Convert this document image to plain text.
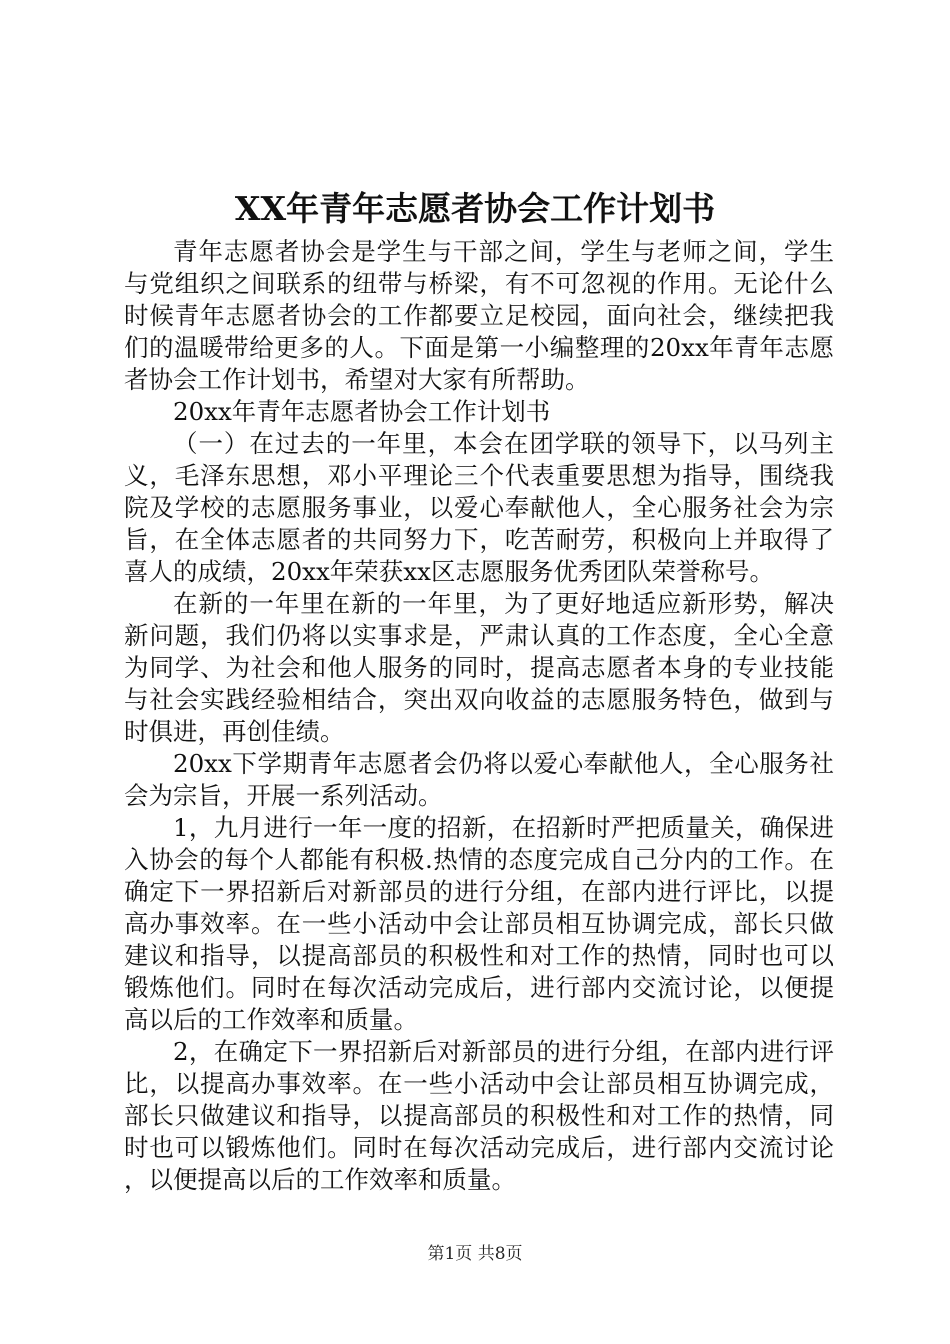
XX年青年志愿者协会工作计划书

青年志愿者协会是学生与干部之间，学生与老师之间，学生与党组织之间联系的纽带与桥梁，有不可忽视的作用。无论什么时候青年志愿者协会的工作都要立足校园，面向社会，继续把我们的温暖带给更多的人。下面是第一小编整理的20xx年青年志愿者协会工作计划书，希望对大家有所帮助。

20xx年青年志愿者协会工作计划书

（一）在过去的一年里，本会在团学联的领导下，以马列主义，毛泽东思想，邓小平理论三个代表重要思想为指导，围绕我院及学校的志愿服务事业，以爱心奉献他人，全心服务社会为宗旨，在全体志愿者的共同努力下，吃苦耐劳，积极向上并取得了喜人的成绩，20xx年荣获xx区志愿服务优秀团队荣誉称号。

在新的一年里在新的一年里，为了更好地适应新形势，解决新问题，我们仍将以实事求是，严肃认真的工作态度，全心全意为同学、为社会和他人服务的同时，提高志愿者本身的专业技能与社会实践经验相结合，突出双向收益的志愿服务特色，做到与时俱进，再创佳绩。

20xx下学期青年志愿者会仍将以爱心奉献他人，全心服务社会为宗旨，开展一系列活动。

1，九月进行一年一度的招新，在招新时严把质量关，确保进入协会的每个人都能有积极.热情的态度完成自己分内的工作。在确定下一界招新后对新部员的进行分组，在部内进行评比，以提高办事效率。在一些小活动中会让部员相互协调完成，部长只做建议和指导，以提高部员的积极性和对工作的热情，同时也可以锻炼他们。同时在每次活动完成后，进行部内交流讨论，以便提高以后的工作效率和质量。

2，在确定下一界招新后对新部员的进行分组，在部内进行评比，以提高办事效率。在一些小活动中会让部员相互协调完成，部长只做建议和指导，以提高部员的积极性和对工作的热情，同时也可以锻炼他们。同时在每次活动完成后，进行部内交流讨论，以便提高以后的工作效率和质量。

第1页 共8页
